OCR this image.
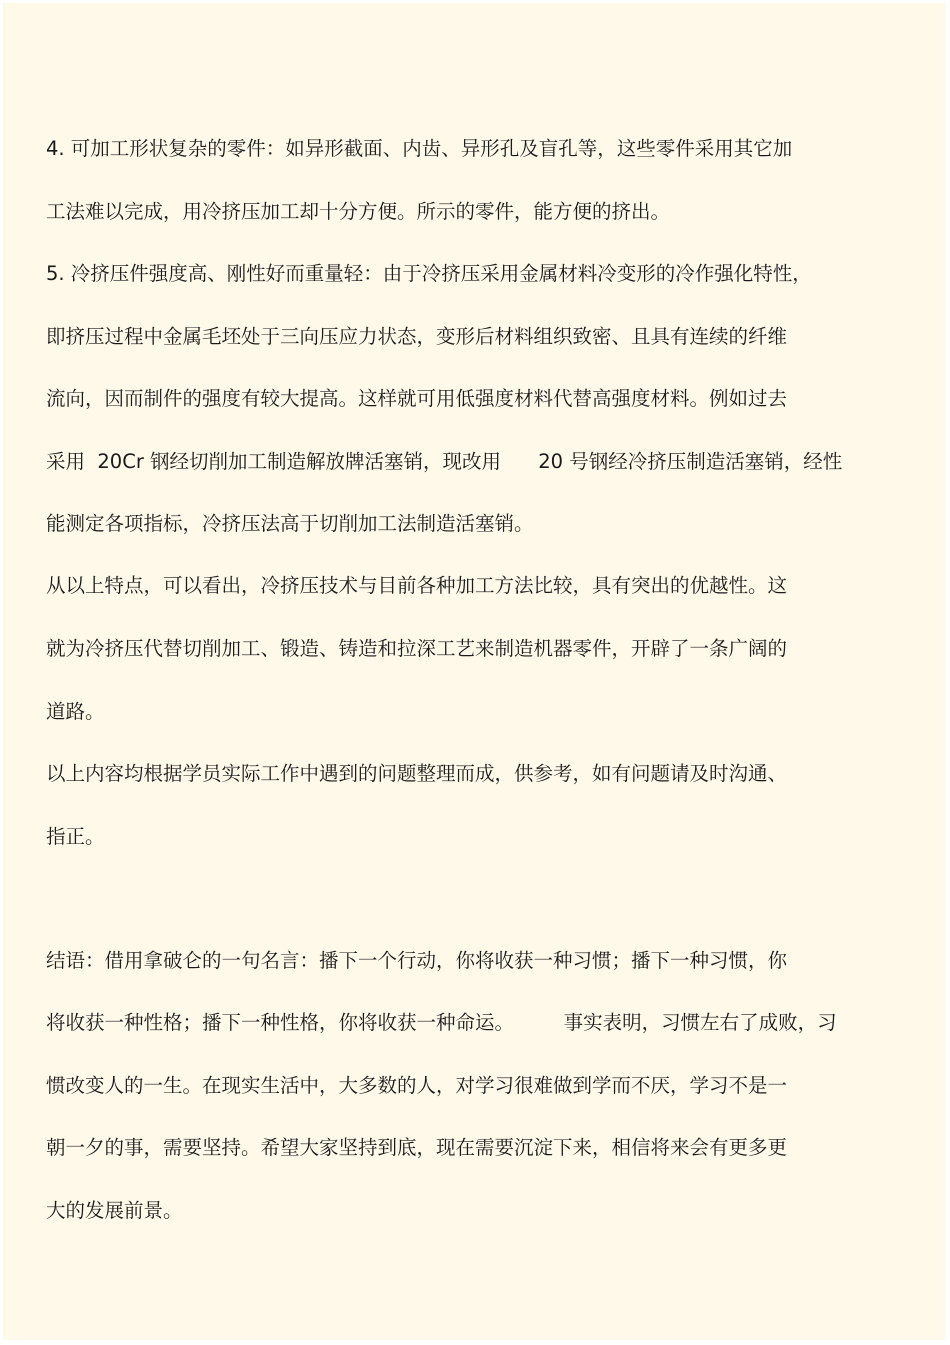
4. 可加工形状复杂的零件：如异形截面、内齿、异形孔及盲孔等，这些零件采用其它加
工法难以完成，用冷挤压加工却十分方便。所示的零件，能方便的挤出。
5. 冷挤压件强度高、刚性好而重量轻：由于冷挤压采用金属材料冷变形的冷作强化特性，
即挤压过程中金属毛坯处于三向压应力状态，变形后材料组织致密、且具有连续的纤维
流向，因而制件的强度有较大提高。这样就可用低强度材料代替高强度材料。例如过去
采用  20Cr 钢经切削加工制造解放牌活塞销，现改用      20 号钢经冷挤压制造活塞销，经性
能测定各项指标，冷挤压法高于切削加工法制造活塞销。
从以上特点，可以看出，冷挤压技术与目前各种加工方法比较，具有突出的优越性。这
就为冷挤压代替切削加工、锻造、铸造和拉深工艺来制造机器零件，开辟了一条广阔的
道路。
以上内容均根据学员实际工作中遇到的问题整理而成，供参考，如有问题请及时沟通、
指正。
结语：借用拿破仑的一句名言：播下一个行动，你将收获一种习惯；播下一种习惯，你
将收获一种性格；播下一种性格，你将收获一种命运。        事实表明，习惯左右了成败，习
惯改变人的一生。在现实生活中，大多数的人，对学习很难做到学而不厌，学习不是一
朝一夕的事，需要坚持。希望大家坚持到底，现在需要沉淀下来，相信将来会有更多更
大的发展前景。
